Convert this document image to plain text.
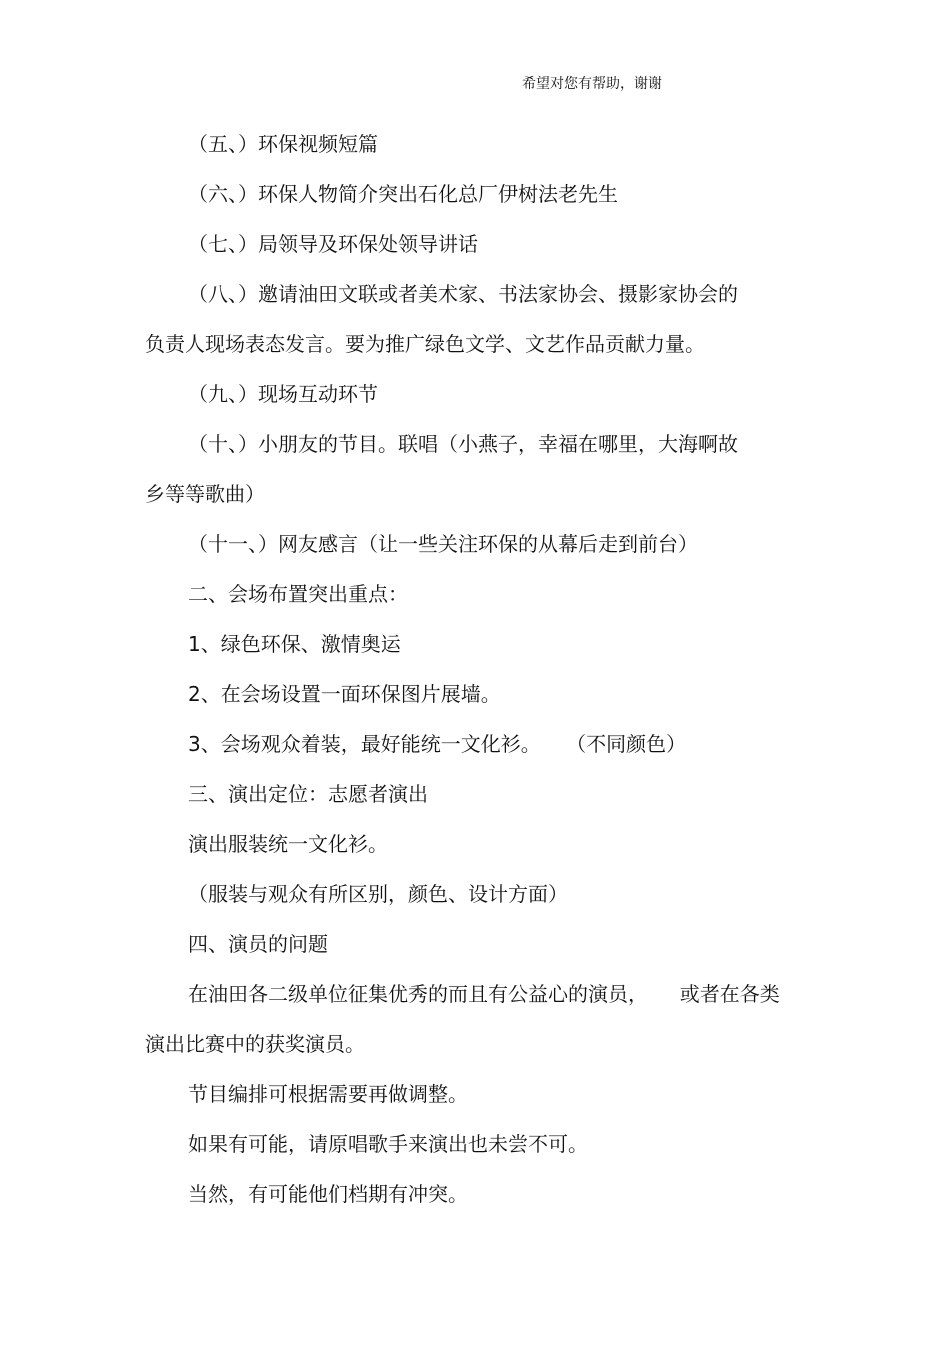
希望对您有帮助，谢谢
（五、）环保视频短篇
（六、）环保人物简介突出石化总厂伊树法老先生
（七、）局领导及环保处领导讲话
（八、）邀请油田文联或者美术家、书法家协会、摄影家协会的
负责人现场表态发言。要为推广绿色文学、文艺作品贡献力量。
（九、）现场互动环节
（十、）小朋友的节目。联唱（小燕子，幸福在哪里，大海啊故
乡等等歌曲）
（十一、）网友感言（让一些关注环保的从幕后走到前台）
二、会场布置突出重点：
1、绿色环保、激情奥运
2、在会场设置一面环保图片展墙。
3、会场观众着装，最好能统一文化衫。    （不同颜色）
三、演出定位：志愿者演出
演出服装统一文化衫。
（服装与观众有所区别，颜色、设计方面）
四、演员的问题
在油田各二级单位征集优秀的而且有公益心的演员，     或者在各类
演出比赛中的获奖演员。
节目编排可根据需要再做调整。
如果有可能，请原唱歌手来演出也未尝不可。
当然，有可能他们档期有冲突。
